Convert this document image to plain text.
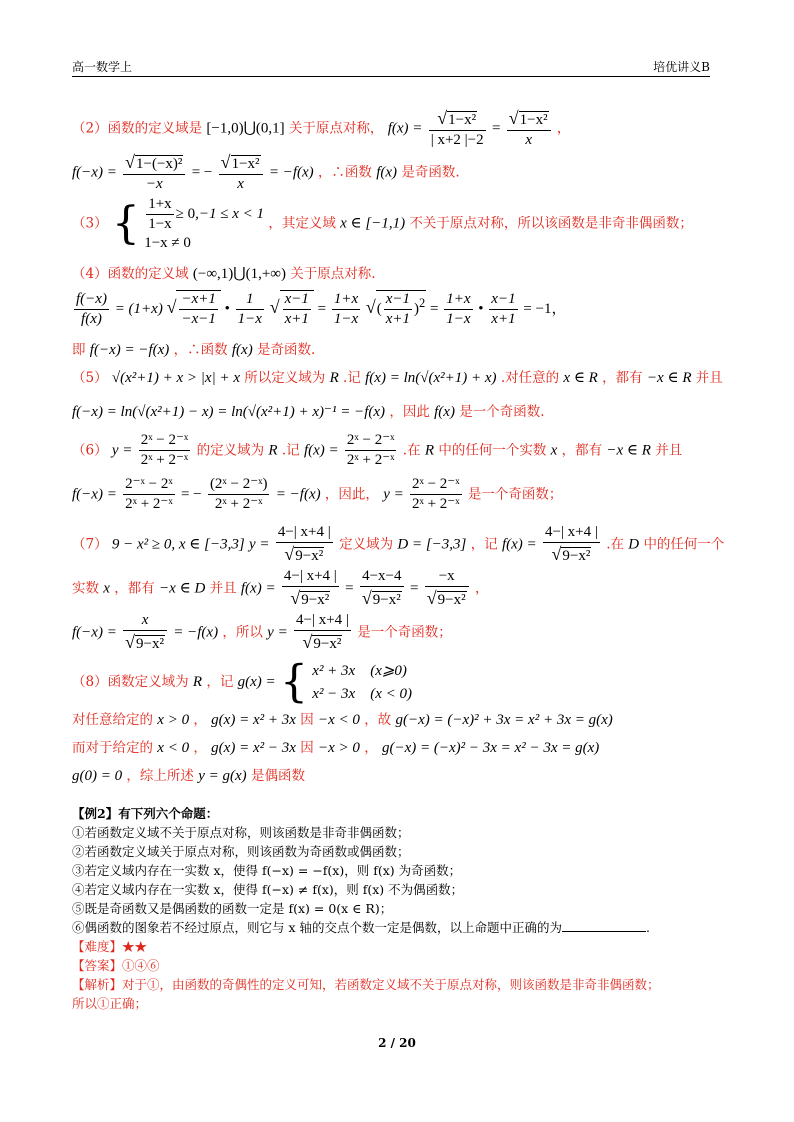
高一数学上	培优讲义B
（2）函数的定义域是 [−1,0)⋃(0,1] 关于原点对称， $f(x) = \frac{\text{√1−x²}}{| x+2 |-2} = \frac{\text{√1−x²}}{x}$ ，
$f(-x) = \frac{\text{√1−(−x)²}}{-x}$ = − $\frac{\text{√1−x²}}{x} = -f(x)$ ，∴函数 f(x) 是奇函数.
（3） { $\frac{1+x}{1-x} \ge 0,-1 \le x < 1$
1−x ≠ 0
，其定义域 x ∈ [−1,1) 不关于原点对称，所以该函数是非奇非偶函数；
（4）函数的定义域 (−∞,1)⋃(1,+∞) 关于原点对称.
$\frac{f(-x)}{f(x)} = (1+x)$ √ $\frac{-x+1}{-x-1}$ • $\frac{1}{1-x}$ √ $\frac{x-1}{x+1} = \frac{1+x}{1-x}$ √( $\frac{x-1}{x+1} )^2 = \frac{1+x}{1-x}$ • $\frac{x-1}{x+1} = -1$，
即 f(−x) = −f(x) ，∴函数 f(x) 是奇函数.
（5） √(x²+1) + x > |x| + x 所以定义域为 R .记 f(x) = ln(√(x²+1) + x) .对任意的 x ∈ R ，都有 −x ∈ R 并且
f(−x) = ln(√(x²+1) − x) = ln(√(x²+1) + x)⁻¹ = −f(x) ，因此 f(x) 是一个奇函数.
（6） $y = \frac{\text{2ˣ − 2⁻ˣ}}{\text{2ˣ + 2⁻ˣ}}$ 的定义域为 R .记 $f(x) = \frac{\text{2ˣ − 2⁻ˣ}}{\text{2ˣ + 2⁻ˣ}}$ .在 R 中的任何一个实数 x ，都有 −x ∈ R 并且
$f(-x) = \frac{\text{2⁻ˣ − 2ˣ}}{\text{2ˣ + 2⁻ˣ}}$ = − $\frac{\text{(2ˣ − 2⁻ˣ)}}{\text{2ˣ + 2⁻ˣ}} = -f(x)$ ，因此， $y = \frac{\text{2ˣ − 2⁻ˣ}}{\text{2ˣ + 2⁻ˣ}}$ 是一个奇函数；
（7） 9 − x² ≥ 0, x ∈ [−3,3] $y = \frac{4-| x+4 |}{\text{√9−x²}}$ 定义域为 D = [−3,3] ，记 $f(x) = \frac{4-| x+4 |}{\text{√9−x²}}$ .在 D 中的任何一个
实数 x ，都有 −x ∈ D 并且 $f(x) = \frac{4-| x+4 |}{\text{√9−x²}} = \frac{4-x-4}{\text{√9−x²}} = \frac{-x}{\text{√9−x²}}$ ，
$f(-x) = \frac{x}{\text{√9−x²}} = -f(x)$ ，所以 $y = \frac{4-| x+4 |}{\text{√9−x²}}$ 是一个奇函数；
（8）函数定义域为 R ，记 g(x) = { x² + 3x　(x⩾0)
x² − 3x　(x < 0)
对任意给定的 x > 0 ， g(x) = x² + 3x 因 −x < 0 ，故 g(−x) = (−x)² + 3x = x² + 3x = g(x)
而对于给定的 x < 0 ， g(x) = x² − 3x 因 −x > 0 ， g(−x) = (−x)² − 3x = x² − 3x = g(x)
g(0) = 0 ，综上所述 y = g(x) 是偶函数
【例2】有下列六个命题：
①若函数定义域不关于原点对称，则该函数是非奇非偶函数；
②若函数定义域关于原点对称，则该函数为奇函数或偶函数；
③若定义域内存在一实数 x，使得 f(−x) = −f(x)，则 f(x) 为奇函数；
④若定义域内存在一实数 x，使得 f(−x) ≠ f(x)，则 f(x) 不为偶函数；
⑤既是奇函数又是偶函数的函数一定是 f(x) = 0(x ∈ R)；
⑥偶函数的图象若不经过原点，则它与 x 轴的交点个数一定是偶数，以上命题中正确的为	.
【难度】★★
【答案】①④⑥
【解析】对于①，由函数的奇偶性的定义可知，若函数定义域不关于原点对称，则该函数是非奇非偶函数；
所以①正确；
2 / 20
